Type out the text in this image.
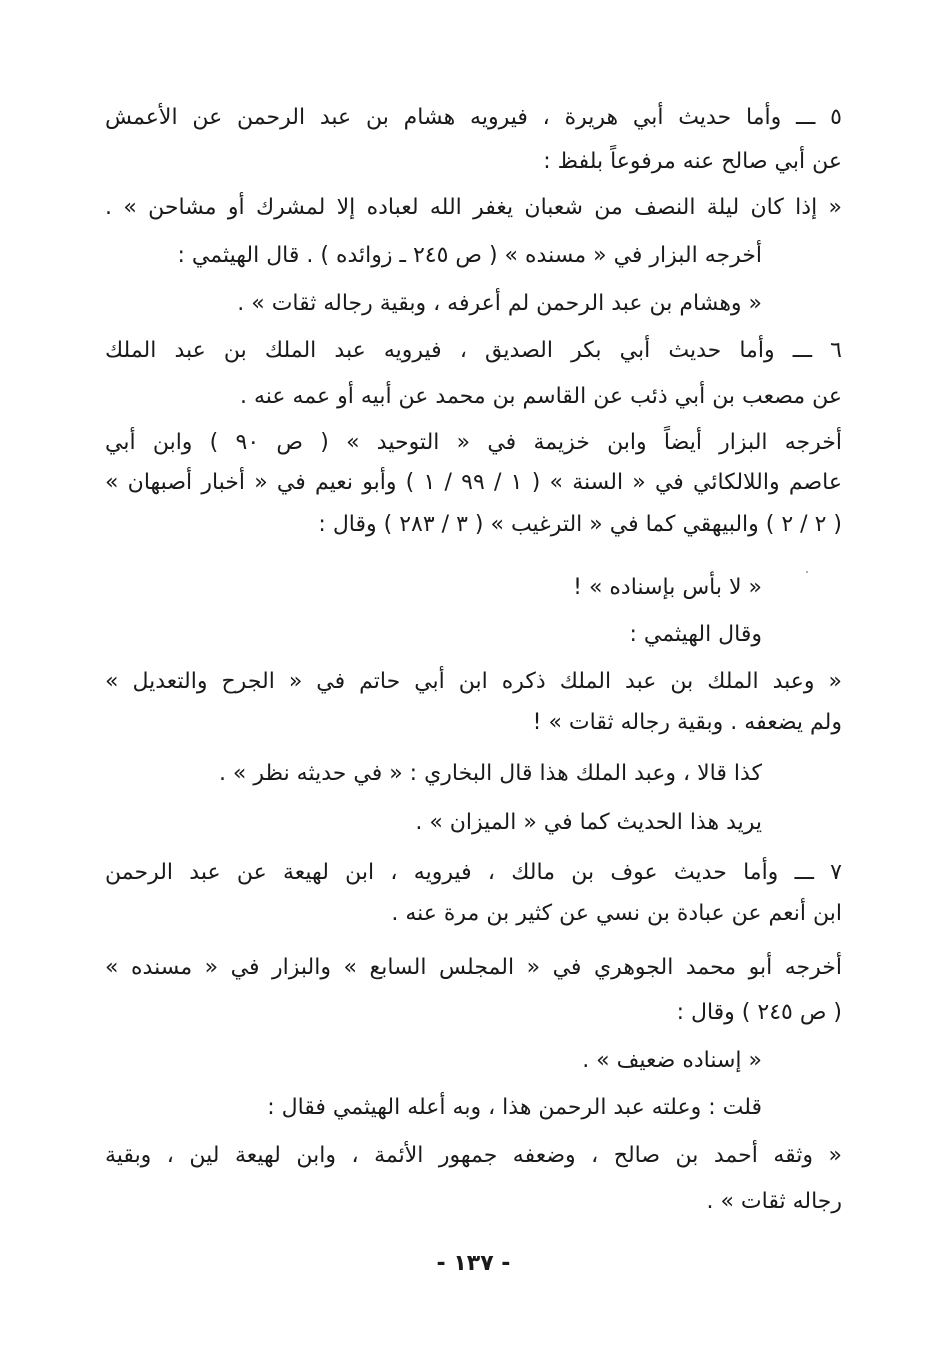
٥ ـــ وأما حديث أبي هريرة ، فيرويه هشام بن عبد الرحمن عن الأعمش
عن أبي صالح عنه مرفوعاً بلفظ :
« إذا كان ليلة النصف من شعبان يغفر الله لعباده إلا لمشرك أو مشاحن » .
أخرجه البزار في « مسنده » ( ص ٢٤٥ ـ زوائده ) . قال الهيثمي :
« وهشام بن عبد الرحمن لم أعرفه ، وبقية رجاله ثقات » .
٦ ـــ وأما حديث أبي بكر الصديق ، فيرويه عبد الملك بن عبد الملك
عن مصعب بن أبي ذئب عن القاسم بن محمد عن أبيه أو عمه عنه .
أخرجه البزار أيضاً وابن خزيمة في « التوحيد » ( ص ٩٠ ) وابن أبي
عاصم واللالكائي في « السنة » ( ١ / ٩٩ / ١ ) وأبو نعيم في « أخبار أصبهان »
( ٢ / ٢ ) والبيهقي كما في « الترغيب » ( ٣ / ٢٨٣ ) وقال :
« لا بأس بإسناده » !
وقال الهيثمي :
« وعبد الملك بن عبد الملك ذكره ابن أبي حاتم في « الجرح والتعديل »
ولم يضعفه . وبقية رجاله ثقات » !
كذا قالا ، وعبد الملك هذا قال البخاري : « في حديثه نظر » .
يريد هذا الحديث كما في « الميزان » .
٧ ـــ وأما حديث عوف بن مالك ، فيرويه ، ابن لهيعة عن عبد الرحمن
ابن أنعم عن عبادة بن نسي عن كثير بن مرة عنه .
أخرجه أبو محمد الجوهري في « المجلس السابع » والبزار في « مسنده »
( ص ٢٤٥ ) وقال :
« إسناده ضعيف » .
قلت : وعلته عبد الرحمن هذا ، وبه أعله الهيثمي فقال :
« وثقه أحمد بن صالح ، وضعفه جمهور الأئمة ، وابن لهيعة لين ، وبقية
رجاله ثقات » .
- ١٣٧ -
